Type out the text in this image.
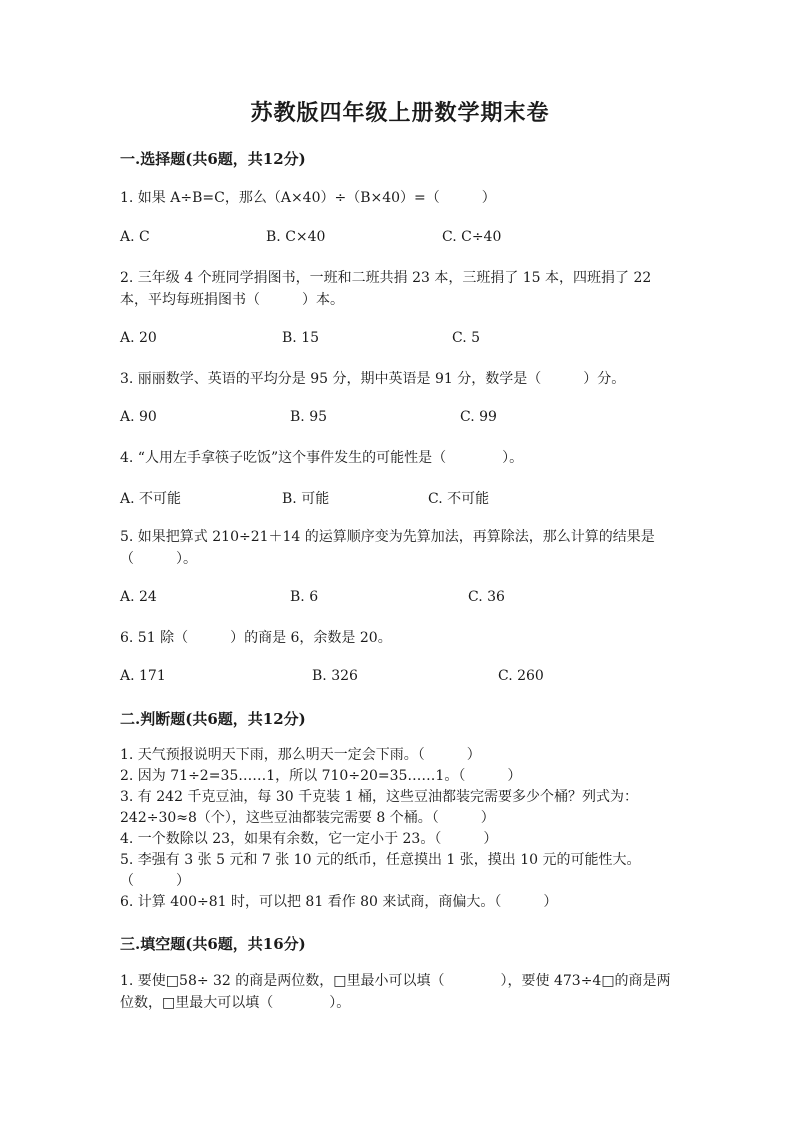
苏教版四年级上册数学期末卷
一.选择题(共6题，共12分)
1. 如果 A÷B=C，那么（A×40）÷（B×40）=（　　　）
A. C	B. C×40	C. C÷40
2. 三年级 4 个班同学捐图书，一班和二班共捐 23 本，三班捐了 15 本，四班捐了 22 本，平均每班捐图书（　　　）本。
A. 20	B. 15	C. 5
3. 丽丽数学、英语的平均分是 95 分，期中英语是 91 分，数学是（　　　）分。
A. 90	B. 95	C. 99
4. “人用左手拿筷子吃饭”这个事件发生的可能性是（　　　　）。
A. 不可能	B. 可能	C. 不可能
5. 如果把算式 210÷21＋14 的运算顺序变为先算加法，再算除法，那么计算的结果是（　　　）。
A. 24	B. 6	C. 36
6. 51 除（　　　）的商是 6，余数是 20。
A. 171	B. 326	C. 260
二.判断题(共6题，共12分)
1. 天气预报说明天下雨，那么明天一定会下雨。（　　　）
2. 因为 71÷2=35……1，所以 710÷20=35……1。（　　　）
3. 有 242 千克豆油，每 30 千克装 1 桶，这些豆油都装完需要多少个桶？列式为：242÷30≈8（个），这些豆油都装完需要 8 个桶。（　　　）
4. 一个数除以 23，如果有余数，它一定小于 23。（　　　）
5. 李强有 3 张 5 元和 7 张 10 元的纸币，任意摸出 1 张，摸出 10 元的可能性大。　　（　　　）
6. 计算 400÷81 时，可以把 81 看作 80 来试商，商偏大。（　　　）
三.填空题(共6题，共16分)
1. 要使□58÷ 32 的商是两位数，□里最小可以填（　　　　），要使 473÷4□的商是两位数，□里最大可以填（　　　　）。
